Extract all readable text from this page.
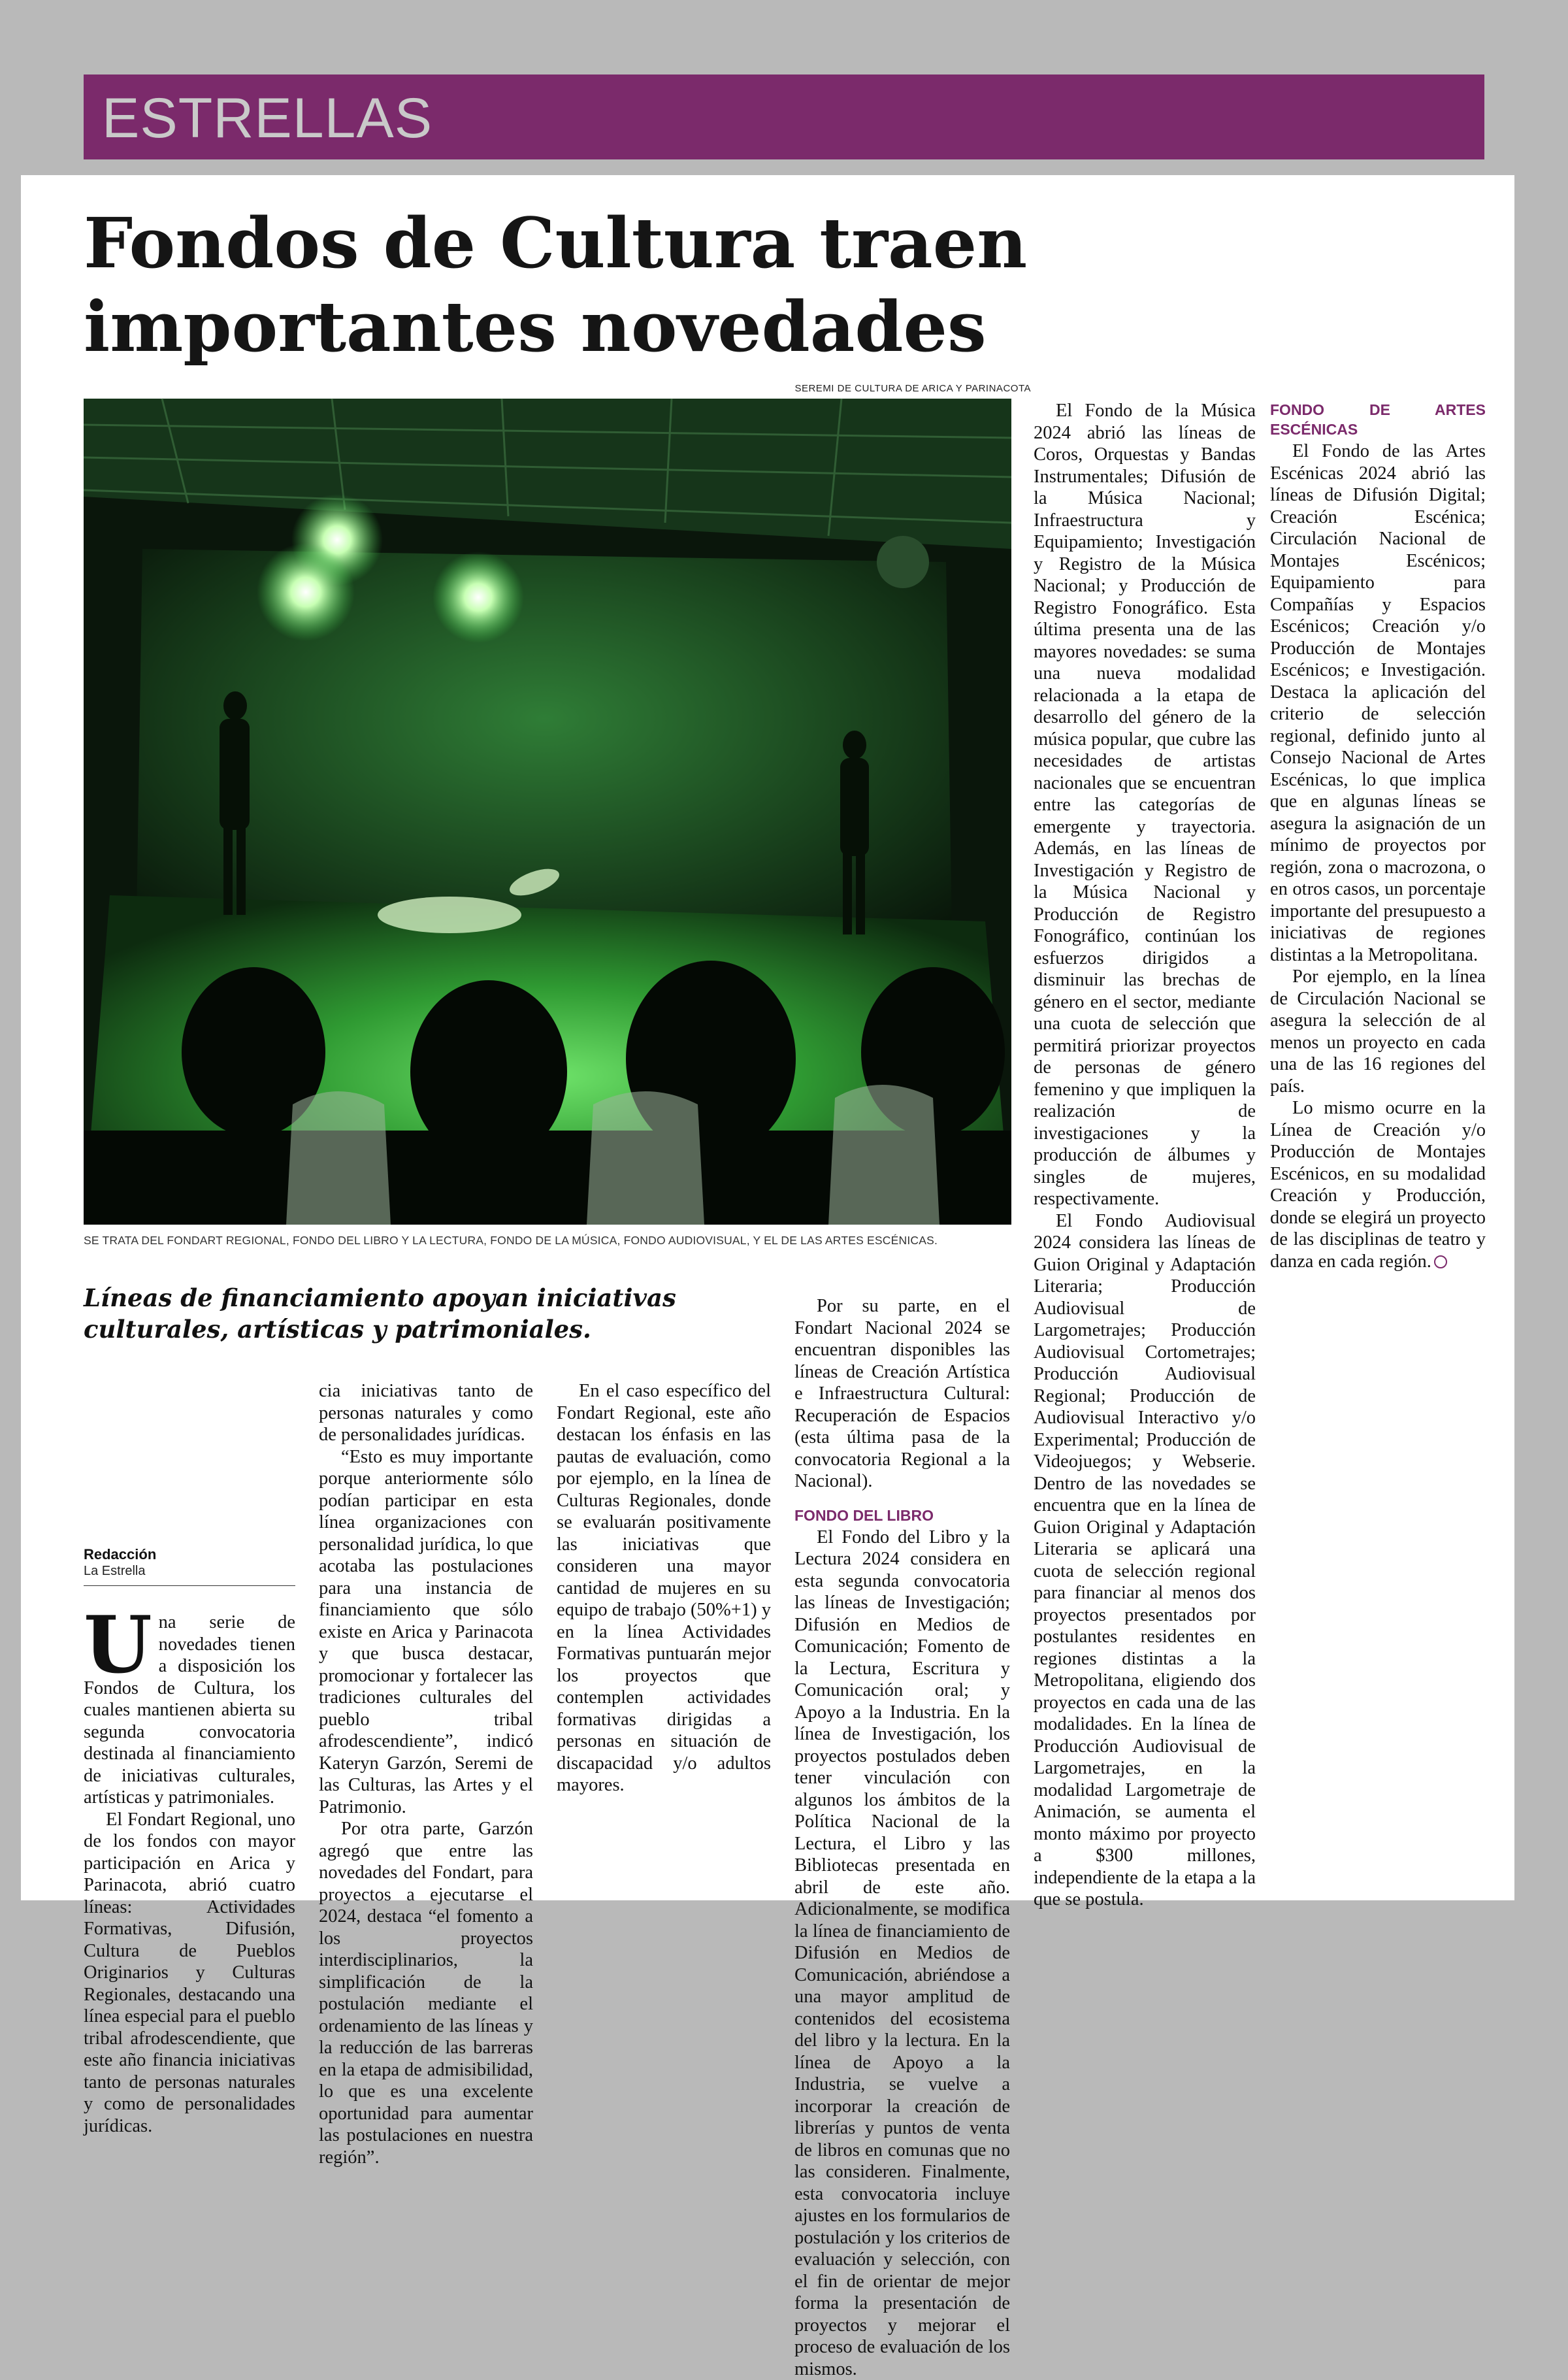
ESTRELLAS
Fondos de Cultura traen importantes novedades
SEREMI DE CULTURA DE ARICA Y PARINACOTA
SE TRATA DEL FONDART REGIONAL, FONDO DEL LIBRO Y LA LECTURA, FONDO DE LA MÚSICA, FONDO AUDIOVISUAL, Y EL DE LAS ARTES ESCÉNICAS.
Líneas de financiamiento apoyan iniciativas culturales, artísticas y patrimoniales.
Redacción
La Estrella

Una serie de novedades tienen a disposición los Fondos de Cultura, los cuales mantienen abierta su segunda convocatoria destinada al financiamiento de iniciativas culturales, artísticas y patrimoniales.

El Fondart Regional, uno de los fondos con mayor participación en Arica y Parinacota, abrió cuatro líneas: Actividades Formativas, Difusión, Cultura de Pueblos Originarios y Culturas Regionales, destacando una línea especial para el pueblo tribal afrodescendiente, que este año financia iniciativas tanto de personas naturales y como de personalidades jurídicas.

cia iniciativas tanto de personas naturales y como de personalidades jurídicas.

“Esto es muy importante porque anteriormente sólo podían participar en esta línea organizaciones con personalidad jurídica, lo que acotaba las postulaciones para una instancia de financiamiento que sólo existe en Arica y Parinacota y que busca destacar, promocionar y fortalecer las tradiciones culturales del pueblo tribal afrodescendiente”, indicó Kateryn Garzón, Seremi de las Culturas, las Artes y el Patrimonio.

Por otra parte, Garzón agregó que entre las novedades del Fondart, para proyectos a ejecutarse el 2024, destaca “el fomento a los proyectos interdisciplinarios, la simplificación de la postulación mediante el ordenamiento de las líneas y la reducción de las barreras en la etapa de admisibilidad, lo que es una excelente oportunidad para aumentar las postulaciones en nuestra región”.

En el caso específico del Fondart Regional, este año destacan los énfasis en las pautas de evaluación, como por ejemplo, en la línea de Culturas Regionales, donde se evaluarán positivamente las iniciativas que consideren una mayor cantidad de mujeres en su equipo de trabajo (50%+1) y en la línea Actividades Formativas puntuarán mejor los proyectos que contemplen actividades formativas dirigidas a personas en situación de discapacidad y/o adultos mayores.

Por su parte, en el Fondart Nacional 2024 se encuentran disponibles las líneas de Creación Artística e Infraestructura Cultural: Recuperación de Espacios (esta última pasa de la convocatoria Regional a la Nacional).

FONDO DEL LIBRO

El Fondo del Libro y la Lectura 2024 considera en esta segunda convocatoria las líneas de Investigación; Difusión en Medios de Comunicación; Fomento de la Lectura, Escritura y Comunicación oral; y Apoyo a la Industria. En la línea de Investigación, los proyectos postulados deben tener vinculación con algunos los ámbitos de la Política Nacional de la Lectura, el Libro y las Bibliotecas presentada en abril de este año. Adicionalmente, se modifica la línea de financiamiento de Difusión en Medios de Comunicación, abriéndose a una mayor amplitud de contenidos del ecosistema del libro y la lectura. En la línea de Apoyo a la Industria, se vuelve a incorporar la creación de librerías y puntos de venta de libros en comunas que no las consideren. Finalmente, esta convocatoria incluye ajustes en los formularios de postulación y los criterios de evaluación y selección, con el fin de orientar de mejor forma la presentación de proyectos y mejorar el proceso de evaluación de los mismos.

El Fondo de la Música 2024 abrió las líneas de Coros, Orquestas y Bandas Instrumentales; Difusión de la Música Nacional; Infraestructura y Equipamiento; Investigación y Registro de la Música Nacional; y Producción de Registro Fonográfico. Esta última presenta una de las mayores novedades: se suma una nueva modalidad relacionada a la etapa de desarrollo del género de la música popular, que cubre las necesidades de artistas nacionales que se encuentran entre las categorías de emergente y trayectoria. Además, en las líneas de Investigación y Registro de la Música Nacional y Producción de Registro Fonográfico, continúan los esfuerzos dirigidos a disminuir las brechas de género en el sector, mediante una cuota de selección que permitirá priorizar proyectos de personas de género femenino y que impliquen la realización de investigaciones y la producción de álbumes y singles de mujeres, respectivamente.

El Fondo Audiovisual 2024 considera las líneas de Guion Original y Adaptación Literaria; Producción Audiovisual de Largometrajes; Producción Audiovisual Cortometrajes; Producción Audiovisual Regional; Producción de Audiovisual Interactivo y/o Experimental; Producción de Videojuegos; y Webserie. Dentro de las novedades se encuentra que en la línea de Guion Original y Adaptación Literaria se aplicará una cuota de selección regional para financiar al menos dos proyectos presentados por postulantes residentes en regiones distintas a la Metropolitana, eligiendo dos proyectos en cada una de las modalidades. En la línea de Producción Audiovisual de Largometrajes, en la modalidad Largometraje de Animación, se aumenta el monto máximo por proyecto a $300 millones, independiente de la etapa a la que se postula.

FONDO DE ARTES ESCÉNICAS

El Fondo de las Artes Escénicas 2024 abrió las líneas de Difusión Digital; Creación Escénica; Circulación Nacional de Montajes Escénicos; Equipamiento para Compañías y Espacios Escénicos; Creación y/o Producción de Montajes Escénicos; e Investigación. Destaca la aplicación del criterio de selección regional, definido junto al Consejo Nacional de Artes Escénicas, lo que implica que en algunas líneas se asegura la asignación de un mínimo de proyectos por región, zona o macrozona, o en otros casos, un porcentaje importante del presupuesto a iniciativas de regiones distintas a la Metropolitana.

Por ejemplo, en la línea de Circulación Nacional se asegura la selección de al menos un proyecto en cada una de las 16 regiones del país.

Lo mismo ocurre en la Línea de Creación y/o Producción de Montajes Escénicos, en su modalidad Creación y Producción, donde se elegirá un proyecto de las disciplinas de teatro y danza en cada región.
